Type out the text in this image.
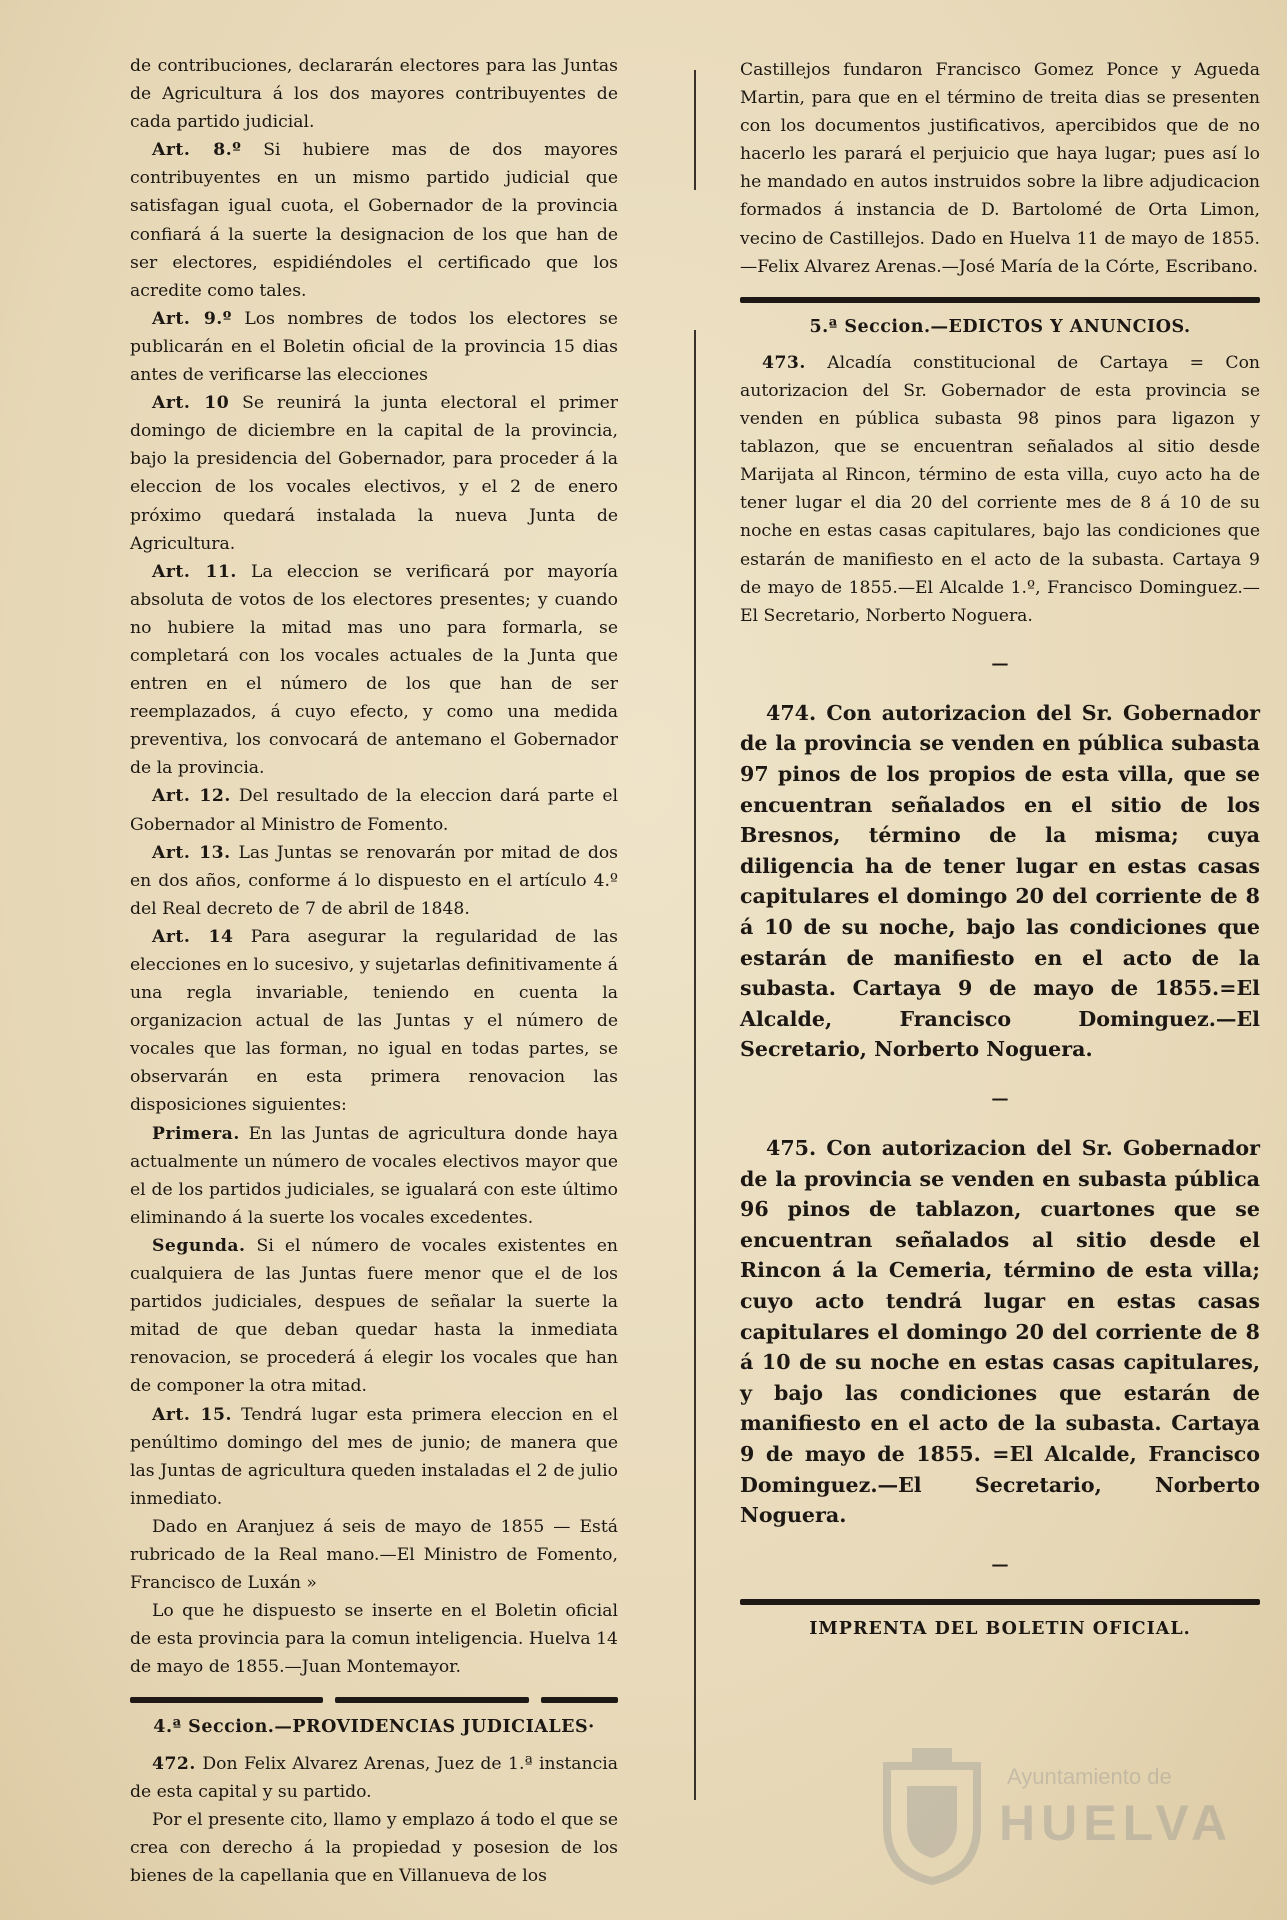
de contribuciones, declararán electores para las Juntas de Agricultura á los dos mayores contribuyentes de cada partido judicial.

Art. 8.º Si hubiere mas de dos mayores contribuyentes en un mismo partido judicial que satisfagan igual cuota, el Gobernador de la provincia confiará á la suerte la designacion de los que han de ser electores, espidiéndoles el certificado que los acredite como tales.

Art. 9.º Los nombres de todos los electores se publicarán en el Boletin oficial de la provincia 15 dias antes de verificarse las elecciones

Art. 10 Se reunirá la junta electoral el primer domingo de diciembre en la capital de la provincia, bajo la presidencia del Gobernador, para proceder á la eleccion de los vocales electivos, y el 2 de enero próximo quedará instalada la nueva Junta de Agricultura.

Art. 11. La eleccion se verificará por mayoría absoluta de votos de los electores presentes; y cuando no hubiere la mitad mas uno para formarla, se completará con los vocales actuales de la Junta que entren en el número de los que han de ser reemplazados, á cuyo efecto, y como una medida preventiva, los convocará de antemano el Gobernador de la provincia.

Art. 12. Del resultado de la eleccion dará parte el Gobernador al Ministro de Fomento.

Art. 13. Las Juntas se renovarán por mitad de dos en dos años, conforme á lo dispuesto en el artículo 4.º del Real decreto de 7 de abril de 1848.

Art. 14 Para asegurar la regularidad de las elecciones en lo sucesivo, y sujetarlas definitivamente á una regla invariable, teniendo en cuenta la organizacion actual de las Juntas y el número de vocales que las forman, no igual en todas partes, se observarán en esta primera renovacion las disposiciones siguientes:

Primera. En las Juntas de agricultura donde haya actualmente un número de vocales electivos mayor que el de los partidos judiciales, se igualará con este último eliminando á la suerte los vocales excedentes.

Segunda. Si el número de vocales existentes en cualquiera de las Juntas fuere menor que el de los partidos judiciales, despues de señalar la suerte la mitad de que deban quedar hasta la inmediata renovacion, se procederá á elegir los vocales que han de componer la otra mitad.

Art. 15. Tendrá lugar esta primera eleccion en el penúltimo domingo del mes de junio; de manera que las Juntas de agricultura queden instaladas el 2 de julio inmediato.

Dado en Aranjuez á seis de mayo de 1855 — Está rubricado de la Real mano.—El Ministro de Fomento, Francisco de Luxán »

Lo que he dispuesto se inserte en el Boletin oficial de esta provincia para la comun inteligencia. Huelva 14 de mayo de 1855.—Juan Montemayor.

4.ª Seccion.—PROVIDENCIAS JUDICIALES·

472. Don Felix Alvarez Arenas, Juez de 1.ª instancia de esta capital y su partido.

Por el presente cito, llamo y emplazo á todo el que se crea con derecho á la propiedad y posesion de los bienes de la capellania que en Villanueva de los

Castillejos fundaron Francisco Gomez Ponce y Agueda Martin, para que en el término de treita dias se presenten con los documentos justificativos, apercibidos que de no hacerlo les parará el perjuicio que haya lugar; pues así lo he mandado en autos instruidos sobre la libre adjudicacion formados á instancia de D. Bartolomé de Orta Limon, vecino de Castillejos. Dado en Huelva 11 de mayo de 1855.—Felix Alvarez Arenas.—José María de la Córte, Escribano.

5.ª Seccion.—EDICTOS Y ANUNCIOS.

473. Alcadía constitucional de Cartaya = Con autorizacion del Sr. Gobernador de esta provincia se venden en pública subasta 98 pinos para ligazon y tablazon, que se encuentran señalados al sitio desde Marijata al Rincon, término de esta villa, cuyo acto ha de tener lugar el dia 20 del corriente mes de 8 á 10 de su noche en estas casas capitulares, bajo las condiciones que estarán de manifiesto en el acto de la subasta. Cartaya 9 de mayo de 1855.—El Alcalde 1.º, Francisco Dominguez.—El Secretario, Norberto Noguera.

—

474. Con autorizacion del Sr. Gobernador de la provincia se venden en pública subasta 97 pinos de los propios de esta villa, que se encuentran señalados en el sitio de los Bresnos, término de la misma; cuya diligencia ha de tener lugar en estas casas capitulares el domingo 20 del corriente de 8 á 10 de su noche, bajo las condiciones que estarán de manifiesto en el acto de la subasta. Cartaya 9 de mayo de 1855.=El Alcalde, Francisco Dominguez.—El Secretario, Norberto Noguera.

—

475. Con autorizacion del Sr. Gobernador de la provincia se venden en subasta pública 96 pinos de tablazon, cuartones que se encuentran señalados al sitio desde el Rincon á la Cemeria, término de esta villa; cuyo acto tendrá lugar en estas casas capitulares el domingo 20 del corriente de 8 á 10 de su noche en estas casas capitulares, y bajo las condiciones que estarán de manifiesto en el acto de la subasta. Cartaya 9 de mayo de 1855. =El Alcalde, Francisco Dominguez.—El Secretario, Norberto Noguera.

—

IMPRENTA DEL BOLETIN OFICIAL.

Ayuntamiento de
HUELVA
